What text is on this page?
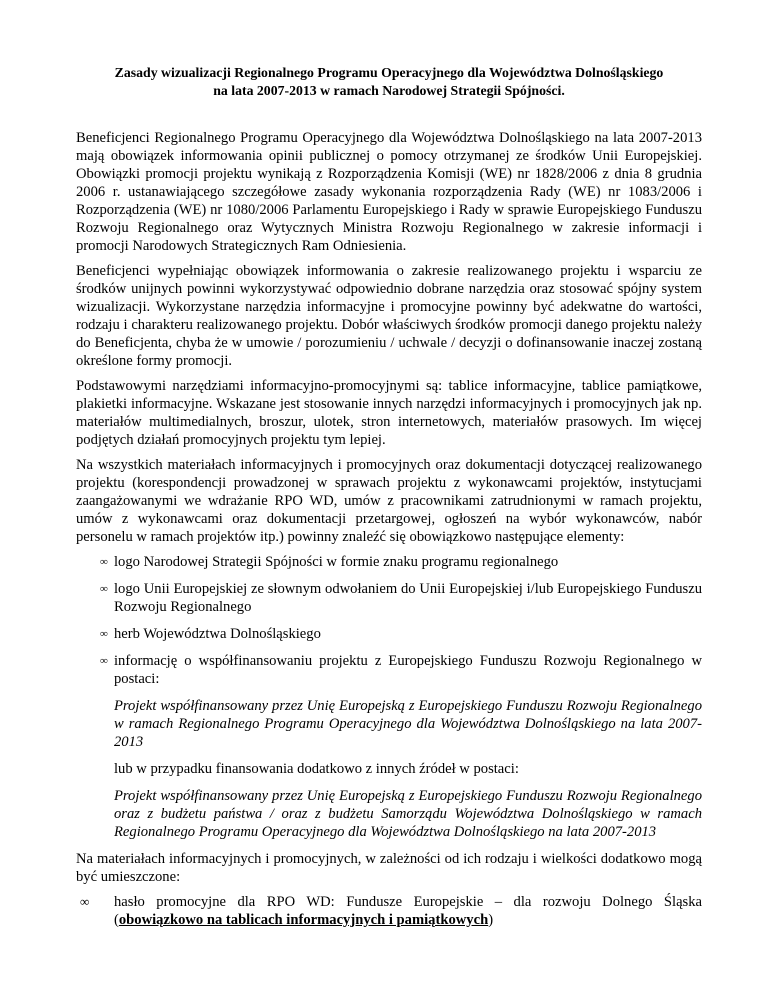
Zasady wizualizacji Regionalnego Programu Operacyjnego dla Województwa Dolnośląskiego
na lata 2007-2013 w ramach Narodowej Strategii Spójności.

Beneficjenci Regionalnego Programu Operacyjnego dla Województwa Dolnośląskiego na lata 2007-2013 mają obowiązek informowania opinii publicznej o pomocy otrzymanej ze środków Unii Europejskiej. Obowiązki promocji projektu wynikają z Rozporządzenia Komisji (WE) nr 1828/2006 z dnia 8 grudnia 2006 r. ustanawiającego szczegółowe zasady wykonania rozporządzenia Rady (WE) nr 1083/2006 i Rozporządzenia (WE) nr 1080/2006 Parlamentu Europejskiego i Rady w sprawie Europejskiego Funduszu Rozwoju Regionalnego oraz Wytycznych Ministra Rozwoju Regionalnego w zakresie informacji i promocji Narodowych Strategicznych Ram Odniesienia.

Beneficjenci wypełniając obowiązek informowania o zakresie realizowanego projektu i wsparciu ze środków unijnych powinni wykorzystywać odpowiednio dobrane narzędzia oraz stosować spójny system wizualizacji. Wykorzystane narzędzia informacyjne i promocyjne powinny być adekwatne do wartości, rodzaju i charakteru realizowanego projektu. Dobór właściwych środków promocji danego projektu należy do Beneficjenta, chyba że w umowie / porozumieniu / uchwale / decyzji o dofinansowanie inaczej zostaną określone formy promocji.

Podstawowymi narzędziami informacyjno-promocyjnymi są: tablice informacyjne, tablice pamiątkowe, plakietki informacyjne. Wskazane jest stosowanie innych narzędzi informacyjnych i promocyjnych jak np. materiałów multimedialnych, broszur, ulotek, stron internetowych, materiałów prasowych. Im więcej podjętych działań promocyjnych projektu tym lepiej.

Na wszystkich materiałach informacyjnych i promocyjnych oraz dokumentacji dotyczącej realizowanego projektu (korespondencji prowadzonej w sprawach projektu z wykonawcami projektów, instytucjami zaangażowanymi we wdrażanie RPO WD, umów z pracownikami zatrudnionymi w ramach projektu, umów z wykonawcami oraz dokumentacji przetargowej, ogłoszeń na wybór wykonawców, nabór personelu w ramach projektów itp.) powinny znaleźć się obowiązkowo następujące elementy:

∞ logo Narodowej Strategii Spójności w formie znaku programu regionalnego
∞ logo Unii Europejskiej ze słownym odwołaniem do Unii Europejskiej i/lub Europejskiego Funduszu Rozwoju Regionalnego
∞ herb Województwa Dolnośląskiego
∞ informację o współfinansowaniu projektu z Europejskiego Funduszu Rozwoju Regionalnego w postaci:

Projekt współfinansowany przez Unię Europejską z Europejskiego Funduszu Rozwoju Regionalnego w ramach Regionalnego Programu Operacyjnego dla Województwa Dolnośląskiego na lata 2007-2013

lub w przypadku finansowania dodatkowo z innych źródeł w postaci:

Projekt współfinansowany przez Unię Europejską z Europejskiego Funduszu Rozwoju Regionalnego oraz z budżetu państwa / oraz z budżetu Samorządu Województwa Dolnośląskiego w ramach Regionalnego Programu Operacyjnego dla Województwa Dolnośląskiego na lata 2007-2013

Na materiałach informacyjnych i promocyjnych, w zależności od ich rodzaju i wielkości dodatkowo mogą być umieszczone:

∞ hasło promocyjne dla RPO WD: Fundusze Europejskie – dla rozwoju Dolnego Śląska (obowiązkowo na tablicach informacyjnych i pamiątkowych)
